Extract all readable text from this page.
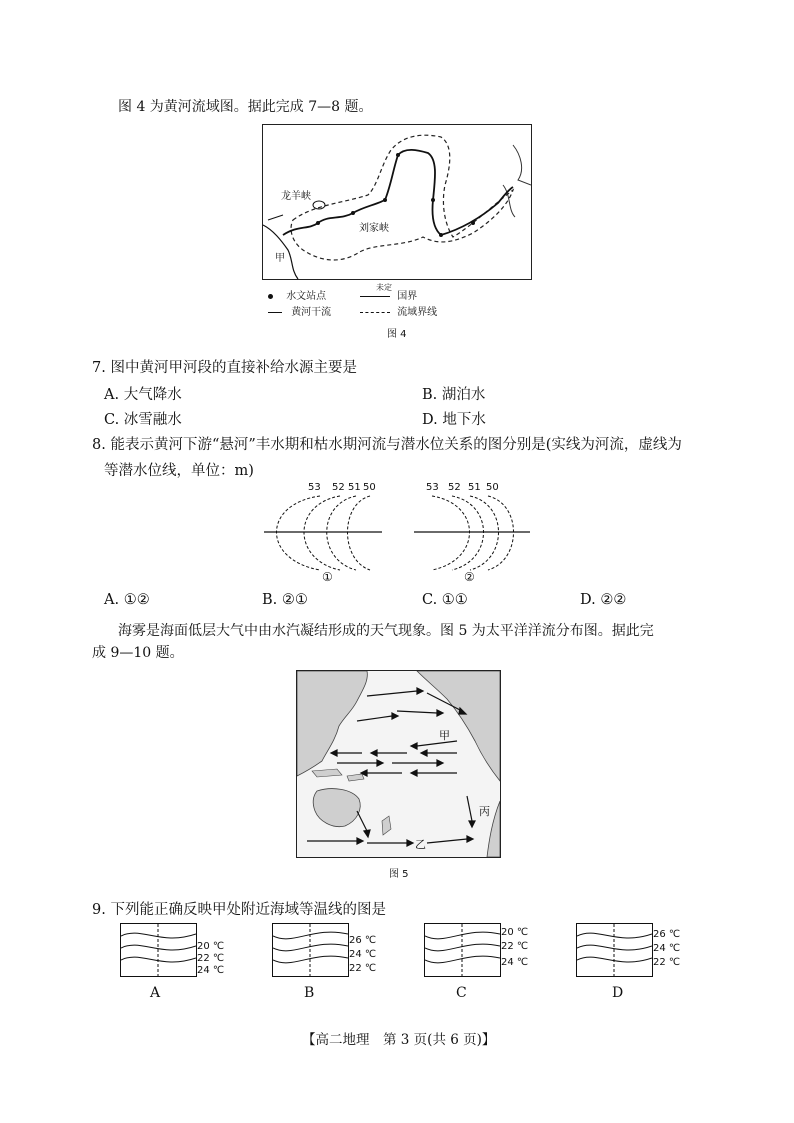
图 4 为黄河流域图。据此完成 7—8 题。
龙羊峡
刘家峡
甲
水文站点
未定
国界
黄河干流	流域界线
图 4
7. 图中黄河甲河段的直接补给水源主要是
A. 大气降水	B. 湖泊水
C. 冰雪融水	D. 地下水
8. 能表示黄河下游“悬河”丰水期和枯水期河流与潜水位关系的图分别是(实线为河流，虚线为
等潜水位线，单位：m)
53 52 51 50
①
53 52 51 50
②
A. ①②	B. ②①	C. ①①	D. ②②
海雾是海面低层大气中由水汽凝结形成的天气现象。图 5 为太平洋洋流分布图。据此完
成 9—10 题。
甲
丙
乙
图 5
9. 下列能正确反映甲处附近海域等温线的图是
20 ℃
22 ℃
24 ℃
A
26 ℃
24 ℃
22 ℃
B
20 ℃
22 ℃
24 ℃
C
26 ℃
24 ℃
22 ℃
D
【高二地理　第 3 页(共 6 页)】
